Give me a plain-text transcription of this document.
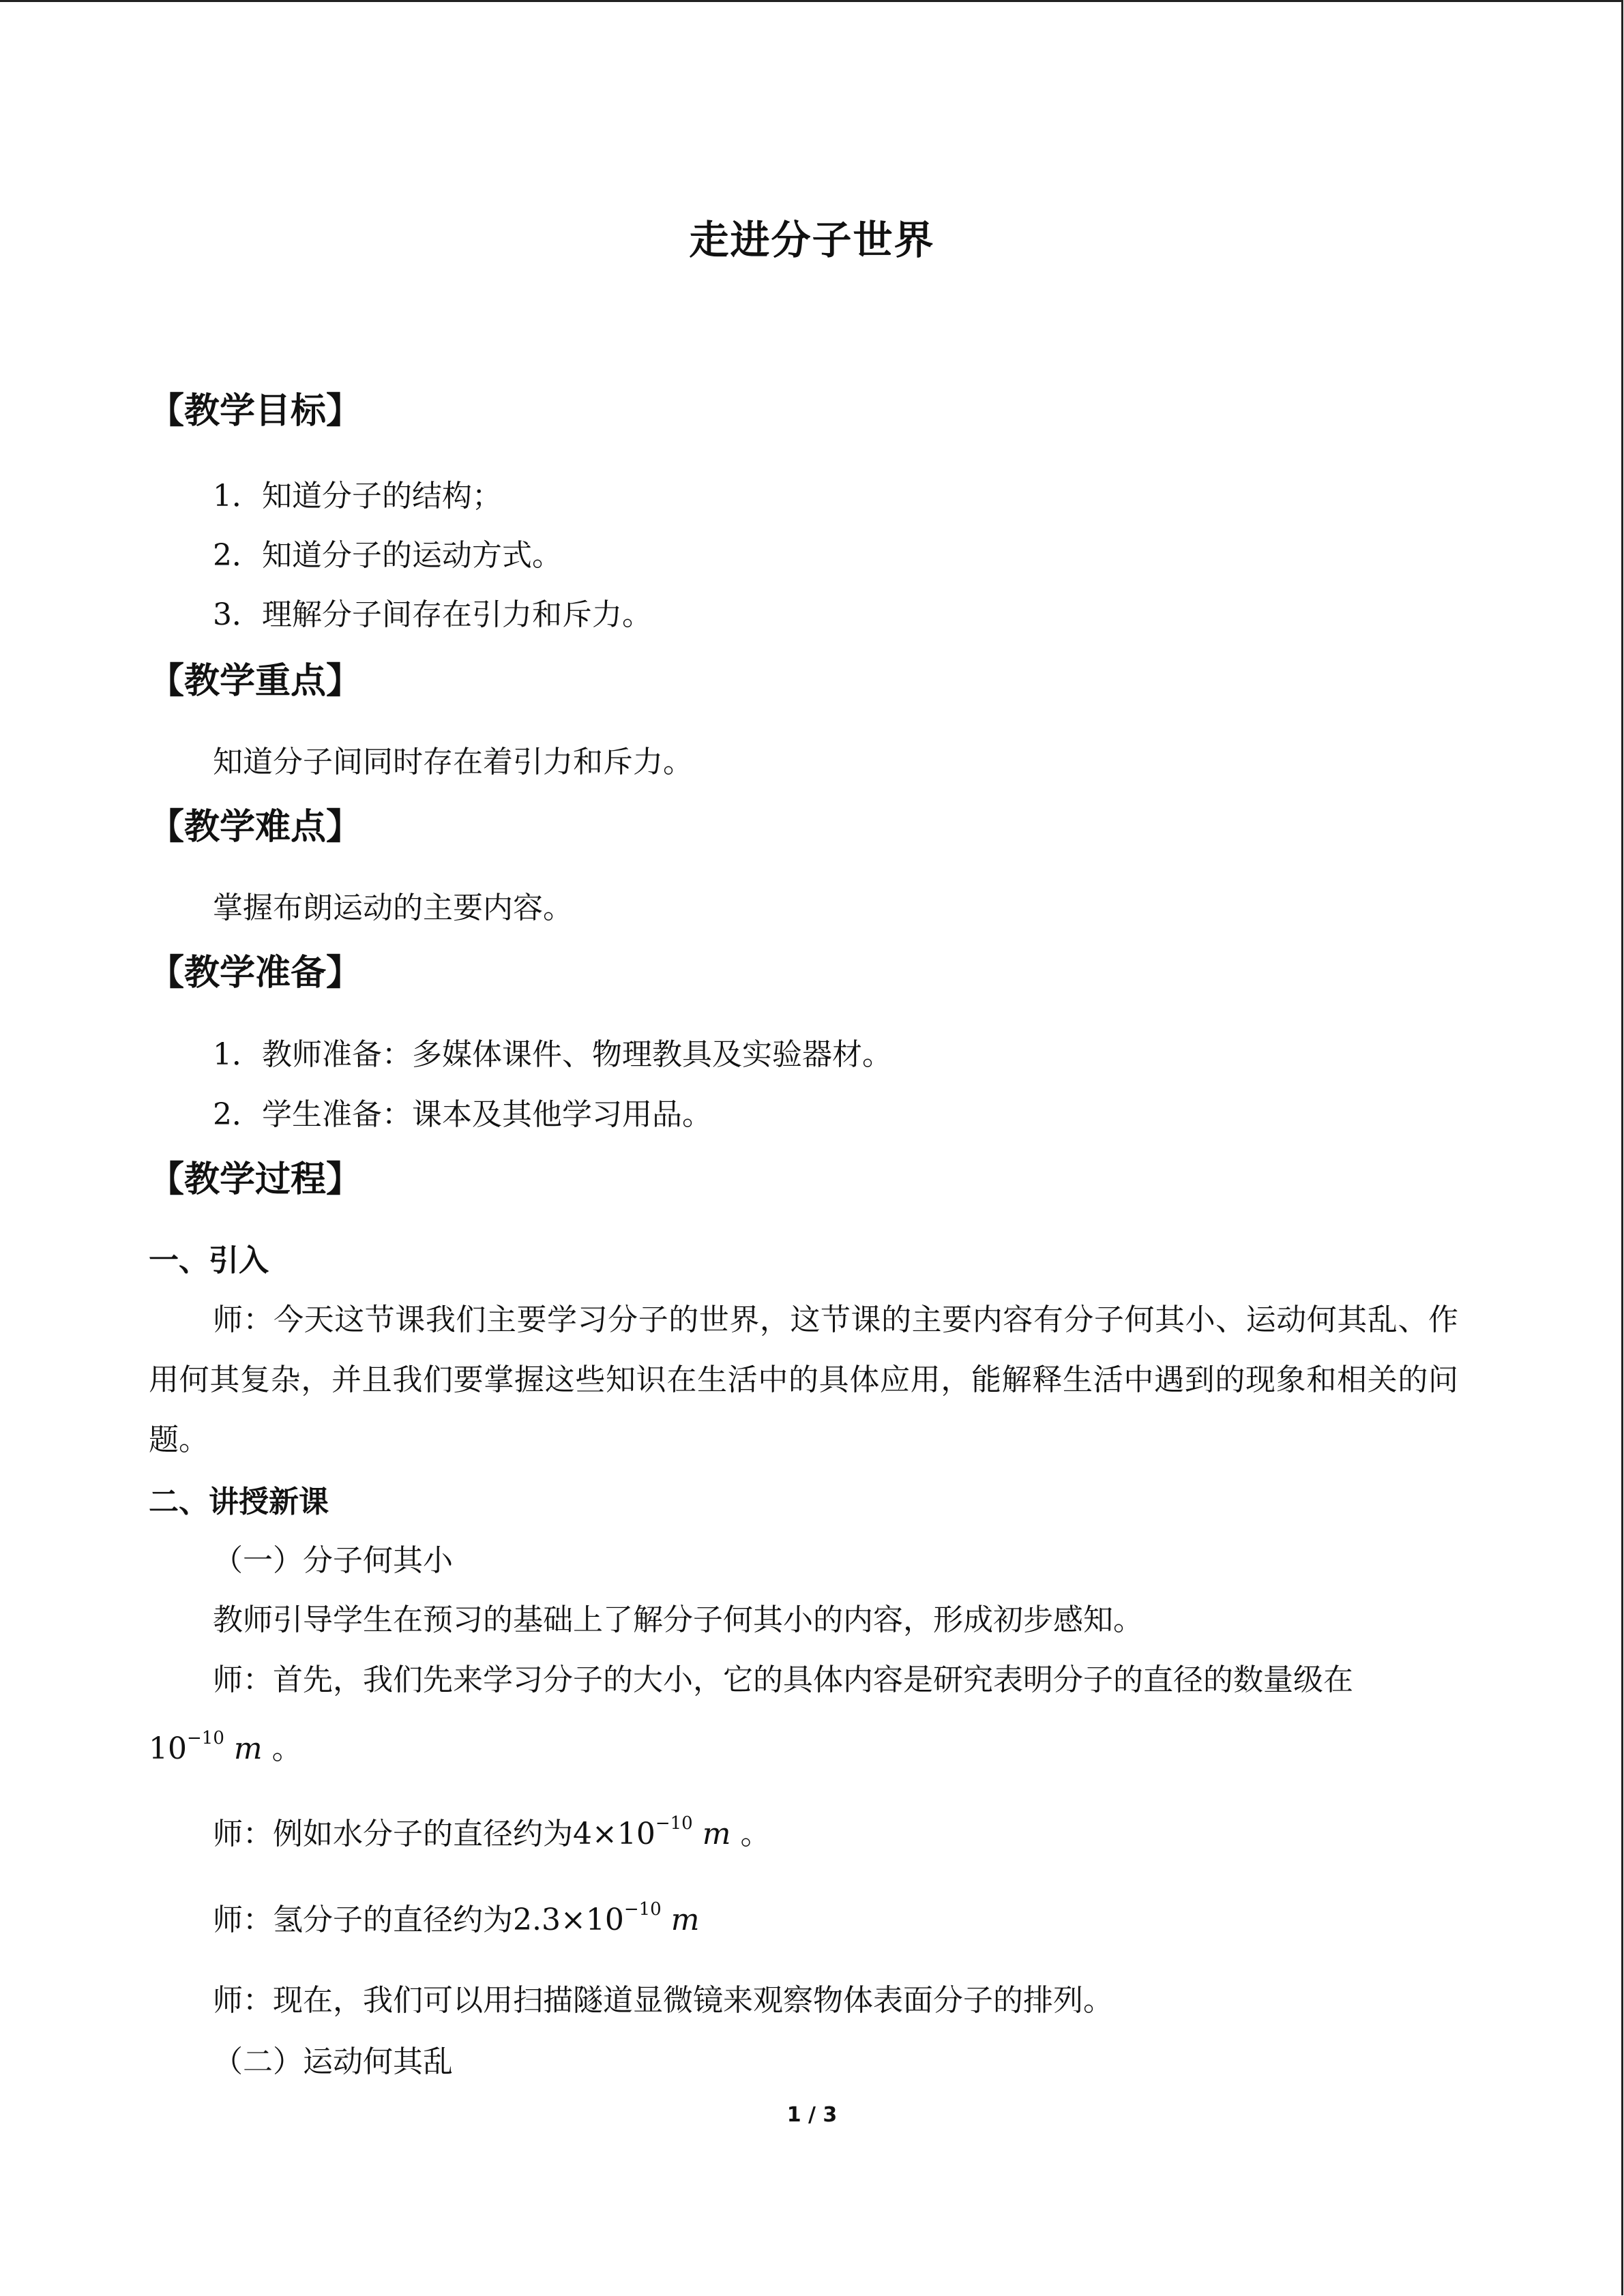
走进分子世界
【教学目标】
1．知道分子的结构；
2．知道分子的运动方式。
3．理解分子间存在引力和斥力。
【教学重点】
知道分子间同时存在着引力和斥力。
【教学难点】
掌握布朗运动的主要内容。
【教学准备】
1．教师准备：多媒体课件、物理教具及实验器材。
2．学生准备：课本及其他学习用品。
【教学过程】
一、引入
师：今天这节课我们主要学习分子的世界，这节课的主要内容有分子何其小、运动何其乱、作用何其复杂，并且我们要掌握这些知识在生活中的具体应用，能解释生活中遇到的现象和相关的问题。
二、讲授新课
（一）分子何其小
教师引导学生在预习的基础上了解分子何其小的内容，形成初步感知。
师：首先，我们先来学习分子的大小，它的具体内容是研究表明分子的直径的数量级在
$10^{-10}$ m 。
师：例如水分子的直径约为$4\times 10^{-10}$ m 。
师：氢分子的直径约为$2.3\times 10^{-10}$ m
师：现在，我们可以用扫描隧道显微镜来观察物体表面分子的排列。
（二）运动何其乱
1 / 3
